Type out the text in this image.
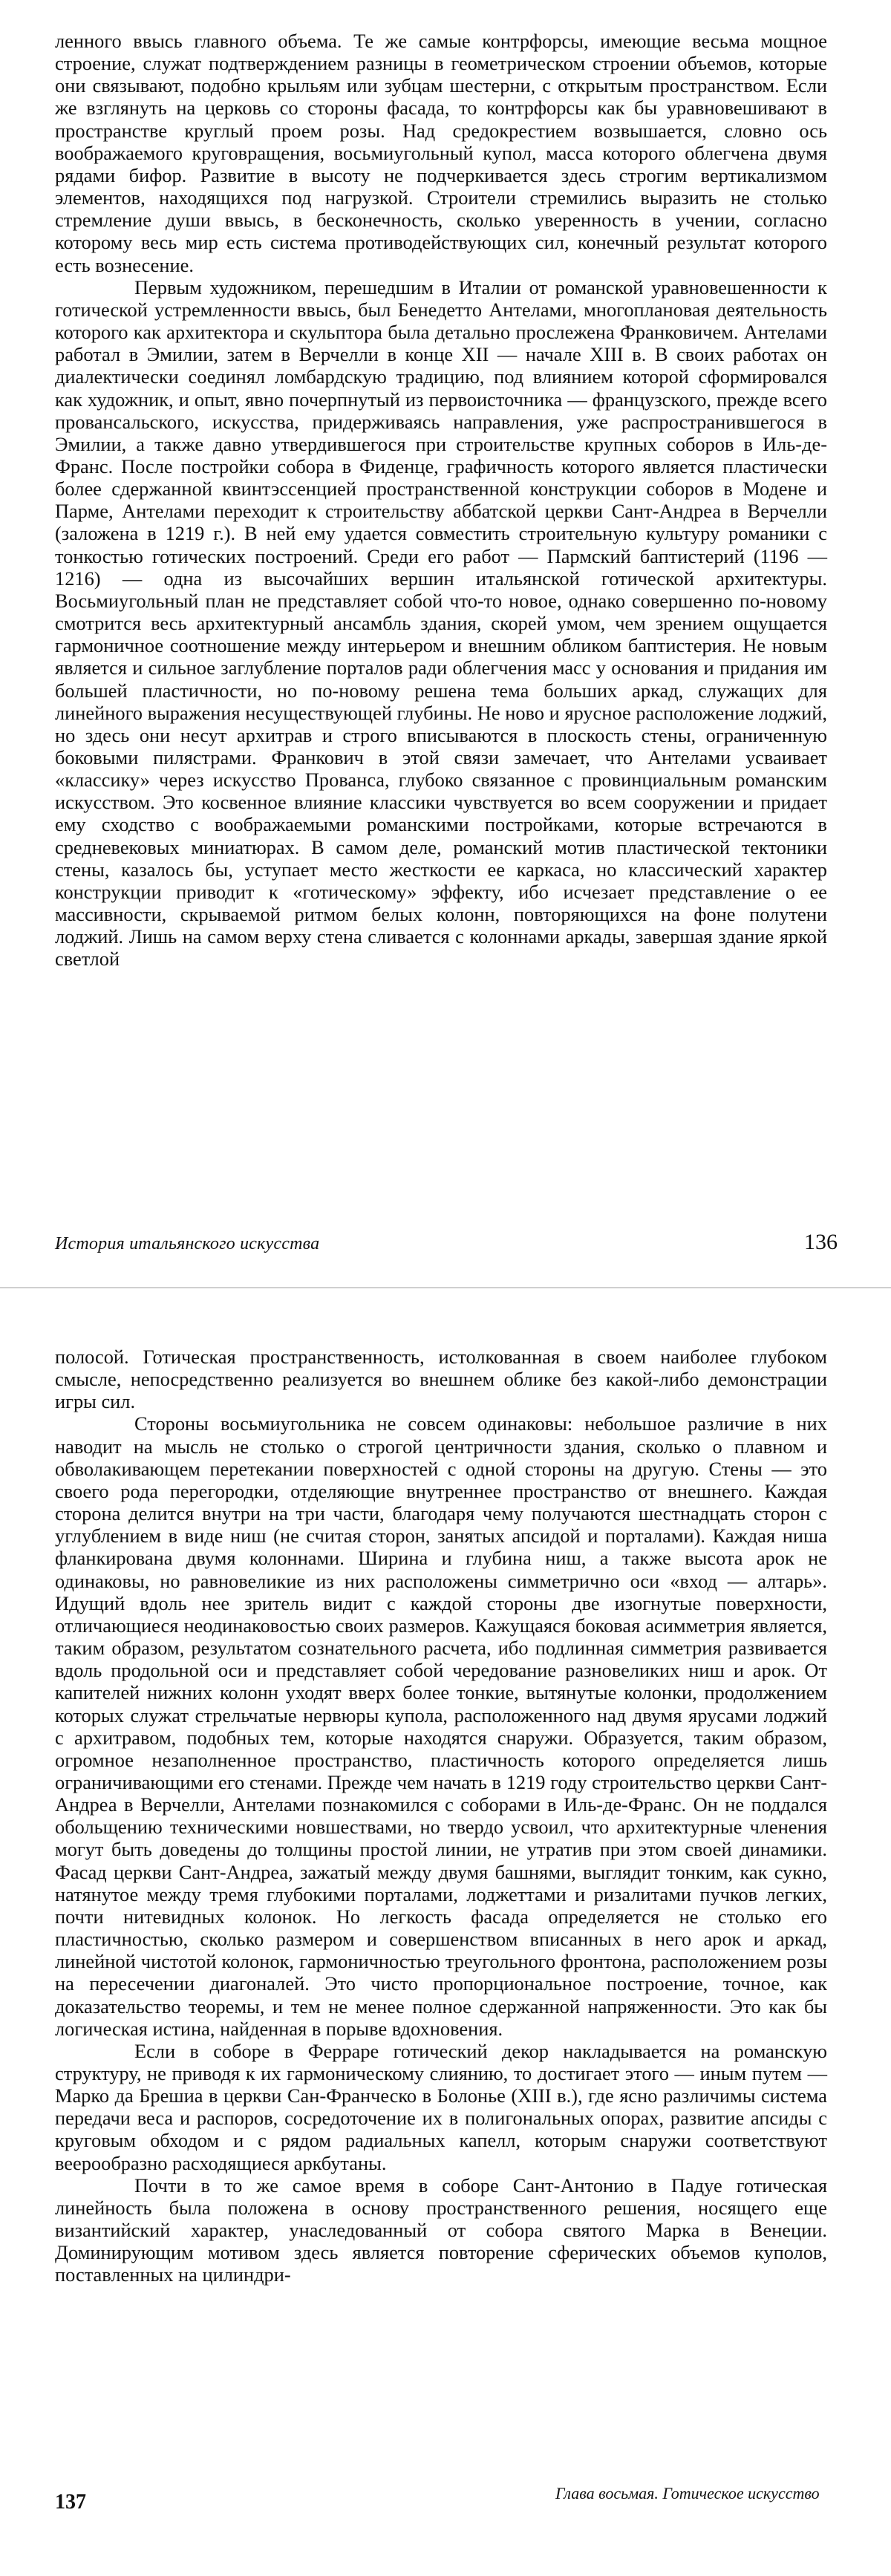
ленного ввысь главного объема. Те же самые контрфорсы, имеющие весьма мощное строение, служат подтверждением разницы в геометрическом строении объемов, которые они связывают, подобно крыльям или зубцам шестерни, с открытым пространством. Если же взглянуть на церковь со стороны фасада, то контрфорсы как бы уравновешивают в пространстве круглый проем розы. Над средокрестием возвышается, словно ось воображаемого круговращения, восьмиугольный купол, масса которого облегчена двумя рядами бифор. Развитие в высоту не подчеркивается здесь строгим вертикализмом элементов, находящихся под нагрузкой. Строители стремились выразить не столько стремление души ввысь, в бесконечность, сколько уверенность в учении, согласно которому весь мир есть система противодействующих сил, конечный результат которого есть вознесение.

Первым художником, перешедшим в Италии от романской уравновешенности к готической устремленности ввысь, был Бенедетто Антелами, многоплановая деятельность которого как архитектора и скульптора была детально прослежена Франковичем. Антелами работал в Эмилии, затем в Верчелли в конце XII — начале XIII в. В своих работах он диалектически соединял ломбардскую традицию, под влиянием которой сформировался как художник, и опыт, явно почерпнутый из первоисточника — французского, прежде всего провансальского, искусства, придерживаясь направления, уже распространившегося в Эмилии, а также давно утвердившегося при строительстве крупных соборов в Иль-де-Франс. После постройки собора в Фиденце, графичность которого является пластически более сдержанной квинтэссенцией пространственной конструкции соборов в Модене и Парме, Антелами переходит к строительству аббатской церкви Сант-Андреа в Верчелли (заложена в 1219 г.). В ней ему удается совместить строительную культуру романики с тонкостью готических построений. Среди его работ — Пармский баптистерий (1196 — 1216) — одна из высочайших вершин итальянской готической архитектуры. Восьмиугольный план не представляет собой что-то новое, однако совершенно по-новому смотрится весь архитектурный ансамбль здания, скорей умом, чем зрением ощущается гармоничное соотношение между интерьером и внешним обликом баптистерия. Не новым является и сильное заглубление порталов ради облегчения масс у основания и придания им большей пластичности, но по-новому решена тема больших аркад, служащих для линейного выражения несуществующей глубины. Не ново и ярусное расположение лоджий, но здесь они несут архитрав и строго вписываются в плоскость стены, ограниченную боковыми пилястрами. Франкович в этой связи замечает, что Антелами усваивает «классику» через искусство Прованса, глубоко связанное с провинциальным романским искусством. Это косвенное влияние классики чувствуется во всем сооружении и придает ему сходство с воображаемыми романскими постройками, которые встречаются в средневековых миниатюрах. В самом деле, романский мотив пластической тектоники стены, казалось бы, уступает место жесткости ее каркаса, но классический характер конструкции приводит к «готическому» эффекту, ибо исчезает представление о ее массивности, скрываемой ритмом белых колонн, повторяющихся на фоне полутени лоджий. Лишь на самом верху стена сливается с колоннами аркады, завершая здание яркой светлой

История итальянского искусства	136

полосой. Готическая пространственность, истолкованная в своем наиболее глубоком смысле, непосредственно реализуется во внешнем облике без какой-либо демонстрации игры сил.

Стороны восьмиугольника не совсем одинаковы: небольшое различие в них наводит на мысль не столько о строгой центричности здания, сколько о плавном и обволакивающем перетекании поверхностей с одной стороны на другую. Стены — это своего рода перегородки, отделяющие внутреннее пространство от внешнего. Каждая сторона делится внутри на три части, благодаря чему получаются шестнадцать сторон с углублением в виде ниш (не считая сторон, занятых апсидой и порталами). Каждая ниша фланкирована двумя колоннами. Ширина и глубина ниш, а также высота арок не одинаковы, но равновеликие из них расположены симметрично оси «вход — алтарь». Идущий вдоль нее зритель видит с каждой стороны две изогнутые поверхности, отличающиеся неодинаковостью своих размеров. Кажущаяся боковая асимметрия является, таким образом, результатом сознательного расчета, ибо подлинная симметрия развивается вдоль продольной оси и представляет собой чередование разновеликих ниш и арок. От капителей нижних колонн уходят вверх более тонкие, вытянутые колонки, продолжением которых служат стрельчатые нервюры купола, расположенного над двумя ярусами лоджий с архитравом, подобных тем, которые находятся снаружи. Образуется, таким образом, огромное незаполненное пространство, пластичность которого определяется лишь ограничивающими его стенами. Прежде чем начать в 1219 году строительство церкви Сант-Андреа в Верчелли, Антелами познакомился с соборами в Иль-де-Франс. Он не поддался обольщению техническими новшествами, но твердо усвоил, что архитектурные членения могут быть доведены до толщины простой линии, не утратив при этом своей динамики. Фасад церкви Сант-Андреа, зажатый между двумя башнями, выглядит тонким, как сукно, натянутое между тремя глубокими порталами, лоджеттами и ризалитами пучков легких, почти нитевидных колонок. Но легкость фасада определяется не столько его пластичностью, сколько размером и совершенством вписанных в него арок и аркад, линейной чистотой колонок, гармоничностью треугольного фронтона, расположением розы на пересечении диагоналей. Это чисто пропорциональное построение, точное, как доказательство теоремы, и тем не менее полное сдержанной напряженности. Это как бы логическая истина, найденная в порыве вдохновения.

Если в соборе в Ферраре готический декор накладывается на романскую структуру, не приводя к их гармоническому слиянию, то достигает этого — иным путем — Марко да Брешиа в церкви Сан-Франческо в Болонье (XIII в.), где ясно различимы система передачи веса и распоров, сосредоточение их в полигональных опорах, развитие апсиды с круговым обходом и с рядом радиальных капелл, которым снаружи соответствуют веерообразно расходящиеся аркбутаны.

Почти в то же самое время в соборе Сант-Антонио в Падуе готическая линейность была положена в основу пространственного решения, носящего еще византийский характер, унаследованный от собора святого Марка в Венеции. Доминирующим мотивом здесь является повторение сферических объемов куполов, поставленных на цилиндри-

137	Глава восьмая. Готическое искусство
